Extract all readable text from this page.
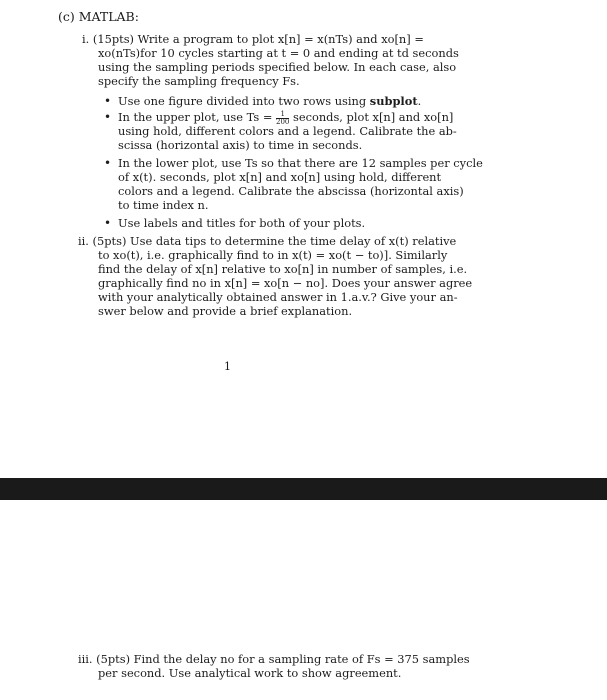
(c) MATLAB:
i. (15pts) Write a program to plot x[n] = x(nTs) and xo[n] =
xo(nTs)for 10 cycles starting at t = 0 and ending at td seconds
using the sampling periods specified below. In each case, also
specify the sampling frequency Fs.
• Use one figure divided into two rows using subplot.
• In the upper plot, use $Ts = \frac{1}{200}$ seconds, plot x[n] and xo[n]
using hold, different colors and a legend. Calibrate the ab-
scissa (horizontal axis) to time in seconds.
• In the lower plot, use Ts so that there are 12 samples per cycle
of x(t). seconds, plot x[n] and xo[n] using hold, different
colors and a legend. Calibrate the abscissa (horizontal axis)
to time index n.
• Use labels and titles for both of your plots.
ii. (5pts) Use data tips to determine the time delay of x(t) relative
to xo(t), i.e. graphically find to in x(t) = xo(t − to)]. Similarly
find the delay of x[n] relative to xo[n] in number of samples, i.e.
graphically find no in x[n] = xo[n − no]. Does your answer agree
with your analytically obtained answer in 1.a.v.? Give your an-
swer below and provide a brief explanation.
1
iii. (5pts) Find the delay no for a sampling rate of Fs = 375 samples
per second. Use analytical work to show agreement.
